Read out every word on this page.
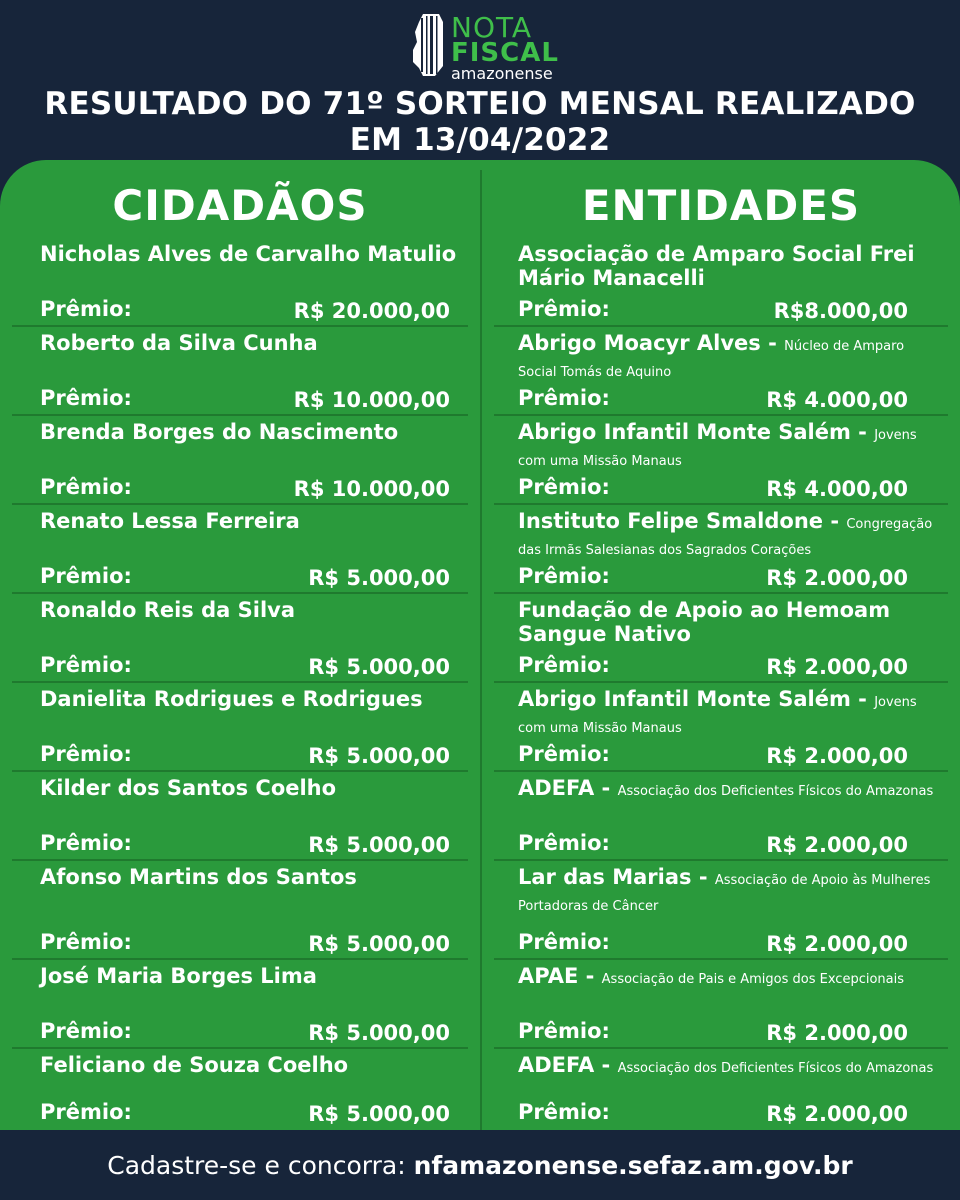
NOTA
FISCAL
amazonense
RESULTADO DO 71º SORTEIO MENSAL REALIZADO
EM 13/04/2022
CIDADÃOS	ENTIDADES
Nicholas Alves de Carvalho Matulio
Prêmio:	R$ 20.000,00
Roberto da Silva Cunha
Prêmio:	R$ 10.000,00
Brenda Borges do Nascimento
Prêmio:	R$ 10.000,00
Renato Lessa Ferreira
Prêmio:	R$ 5.000,00
Ronaldo Reis da Silva
Prêmio:	R$ 5.000,00
Danielita Rodrigues e Rodrigues
Prêmio:	R$ 5.000,00
Kilder dos Santos Coelho
Prêmio:	R$ 5.000,00
Afonso Martins dos Santos
Prêmio:	R$ 5.000,00
José Maria Borges Lima
Prêmio:	R$ 5.000,00
Feliciano de Souza Coelho
Prêmio:	R$ 5.000,00
Associação de Amparo Social Frei Mário Manacelli
Prêmio:	R$8.000,00
Abrigo Moacyr Alves - Núcleo de Amparo Social Tomás de Aquino
Prêmio:	R$ 4.000,00
Abrigo Infantil Monte Salém - Jovens com uma Missão Manaus
Prêmio:	R$ 4.000,00
Instituto Felipe Smaldone - Congregação das Irmãs Salesianas dos Sagrados Corações
Prêmio:	R$ 2.000,00
Fundação de Apoio ao Hemoam Sangue Nativo
Prêmio:	R$ 2.000,00
Abrigo Infantil Monte Salém - Jovens com uma Missão Manaus
Prêmio:	R$ 2.000,00
ADEFA - Associação dos Deficientes Físicos do Amazonas
Prêmio:	R$ 2.000,00
Lar das Marias - Associação de Apoio às Mulheres Portadoras de Câncer
Prêmio:	R$ 2.000,00
APAE - Associação de Pais e Amigos dos Excepcionais
Prêmio:	R$ 2.000,00
ADEFA - Associação dos Deficientes Físicos do Amazonas
Prêmio:	R$ 2.000,00
Cadastre-se e concorra: nfamazonense.sefaz.am.gov.br
